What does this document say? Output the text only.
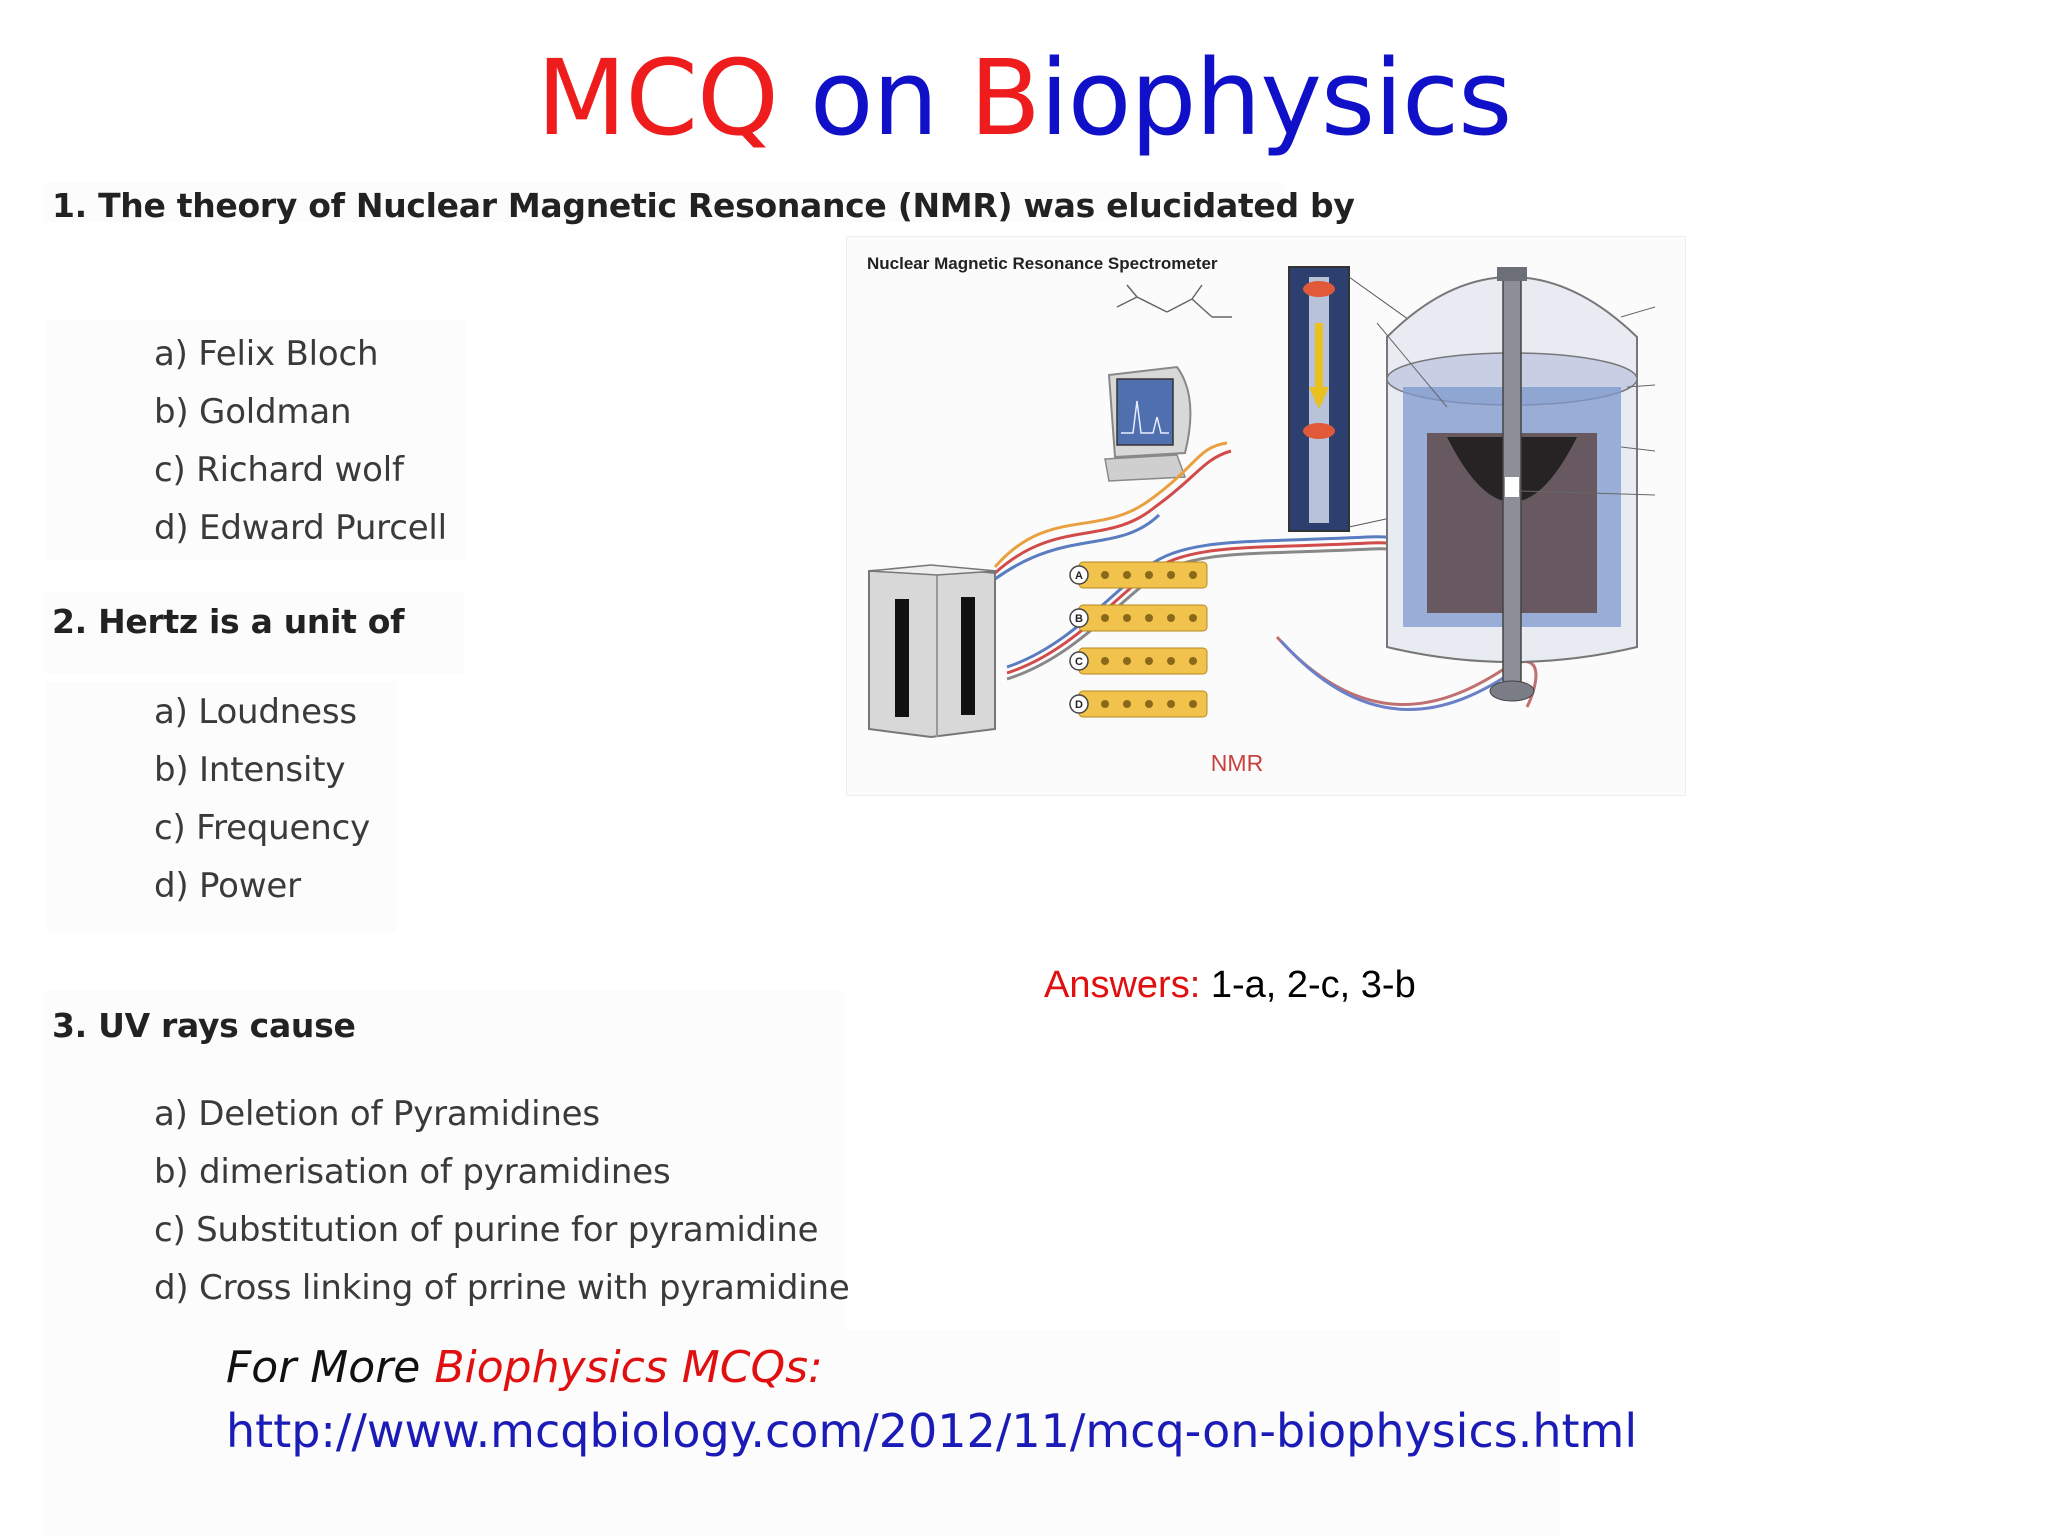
MCQ on Biophysics
1. The theory of Nuclear Magnetic Resonance (NMR) was elucidated by
a) Felix Bloch
b) Goldman
c) Richard wolf
d) Edward Purcell
2. Hertz is a unit of
a) Loudness
b) Intensity
c) Frequency
d) Power
3. UV rays cause
a) Deletion of Pyramidines
b) dimerisation of pyramidines
c) Substitution of purine for pyramidine
d) Cross linking of prrine with pyramidine
Nuclear Magnetic Resonance Spectrometer
A
B
C
D
NMR
Answers: 1-a, 2-c, 3-b
For More Biophysics MCQs:
http://www.mcqbiology.com/2012/11/mcq-on-biophysics.html
